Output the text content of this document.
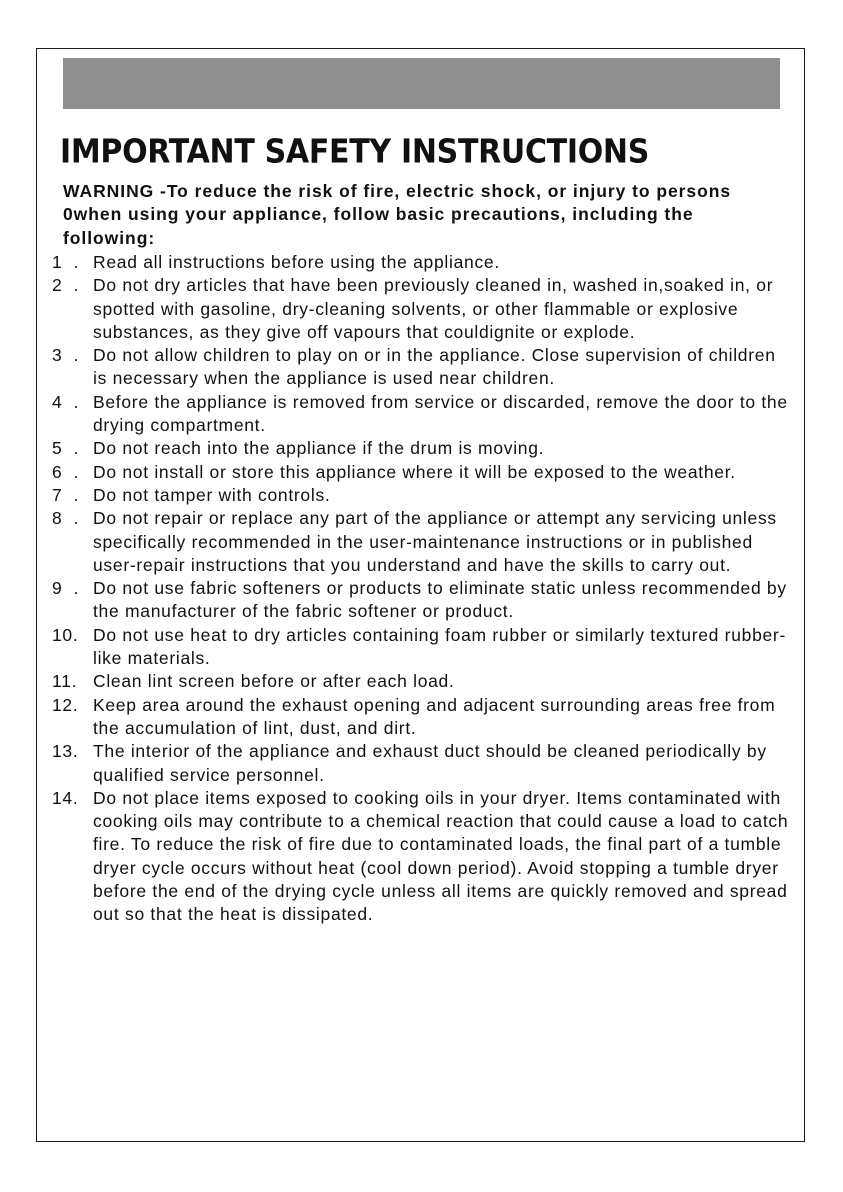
IMPORTANT SAFETY INSTRUCTIONS

WARNING -To reduce the risk of fire, electric shock, or injury to persons 0when using your appliance, follow basic precautions, including the following:

1  . Read all instructions before using the appliance.
2  . Do not dry articles that have been previously cleaned in, washed in,soaked in, or spotted with gasoline, dry-cleaning solvents, or other flammable or explosive substances, as they give off vapours that couldignite or explode.
3  . Do not allow children to play on or in the appliance. Close supervision of children is necessary when the appliance is used near children.
4  . Before the appliance is removed from service or discarded, remove the door to the drying compartment.
5  . Do not reach into the appliance if the drum is moving.
6  . Do not install or store this appliance where it will be exposed to the weather.
7  . Do not tamper with controls.
8  . Do not repair or replace any part of the appliance or attempt any servicing unless specifically recommended in the user-maintenance instructions or in published user-repair instructions that you understand and have the skills to carry out.
9  . Do not use fabric softeners or products to eliminate static unless recommended by the manufacturer of the fabric softener or product.
10. Do not use heat to dry articles containing foam rubber or similarly textured rubber-like materials.
11. Clean lint screen before or after each load.
12. Keep area around the exhaust opening and adjacent surrounding areas free from the accumulation of lint, dust, and dirt.
13. The interior of the appliance and exhaust duct should be cleaned periodically by qualified service personnel.
14. Do not place items exposed to cooking oils in your dryer. Items contaminated with cooking oils may contribute to a chemical reaction that could cause a load to catch fire. To reduce the risk of fire due to contaminated loads, the final part of a tumble dryer cycle occurs without heat (cool down period). Avoid stopping a tumble dryer before the end of the drying cycle unless all items are quickly removed and spread out so that the heat is dissipated.
